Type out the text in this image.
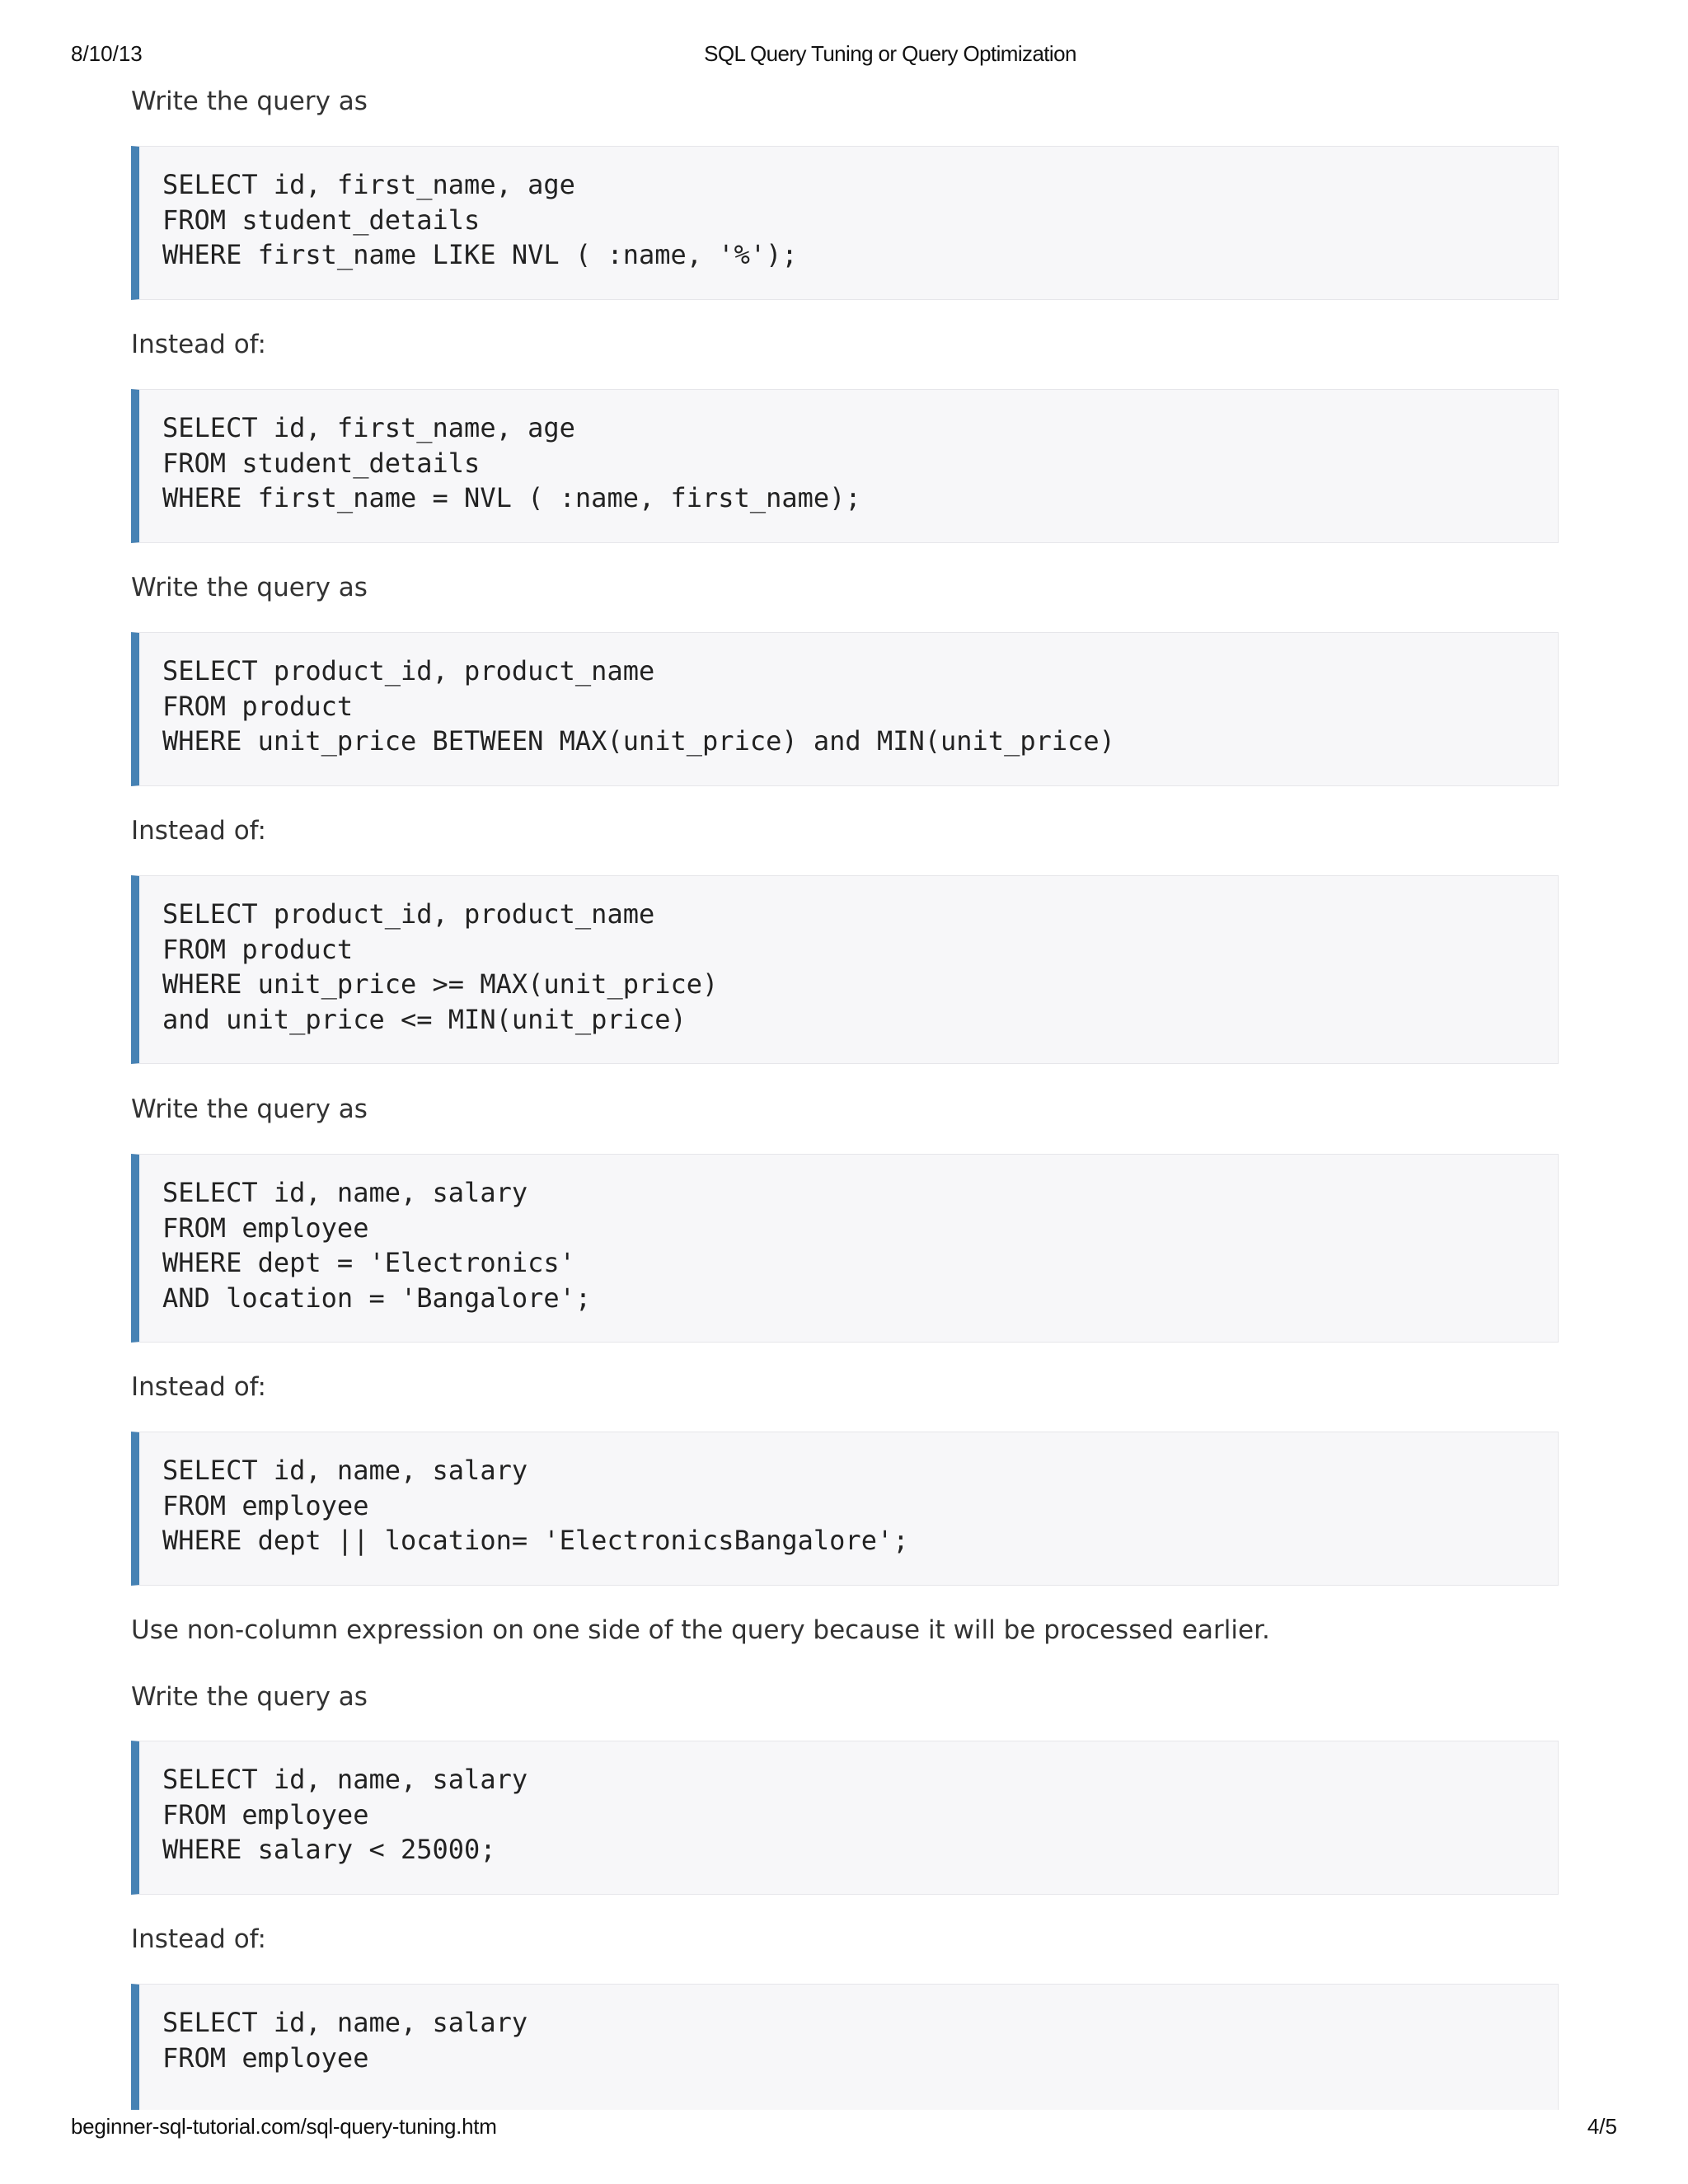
8/10/13	SQL Query Tuning or Query Optimization
Write the query as
SELECT id, first_name, age
FROM student_details
WHERE first_name LIKE NVL ( :name, '%');
Instead of:
SELECT id, first_name, age
FROM student_details
WHERE first_name = NVL ( :name, first_name);
Write the query as
SELECT product_id, product_name
FROM product
WHERE unit_price BETWEEN MAX(unit_price) and MIN(unit_price)
Instead of:
SELECT product_id, product_name
FROM product
WHERE unit_price >= MAX(unit_price)
and unit_price <= MIN(unit_price)
Write the query as
SELECT id, name, salary
FROM employee
WHERE dept = 'Electronics'
AND location = 'Bangalore';
Instead of:
SELECT id, name, salary
FROM employee
WHERE dept || location= 'ElectronicsBangalore';
Use non-column expression on one side of the query because it will be processed earlier.
Write the query as
SELECT id, name, salary
FROM employee
WHERE salary < 25000;
Instead of:
SELECT id, name, salary
FROM employee
beginner-sql-tutorial.com/sql-query-tuning.htm	4/5
